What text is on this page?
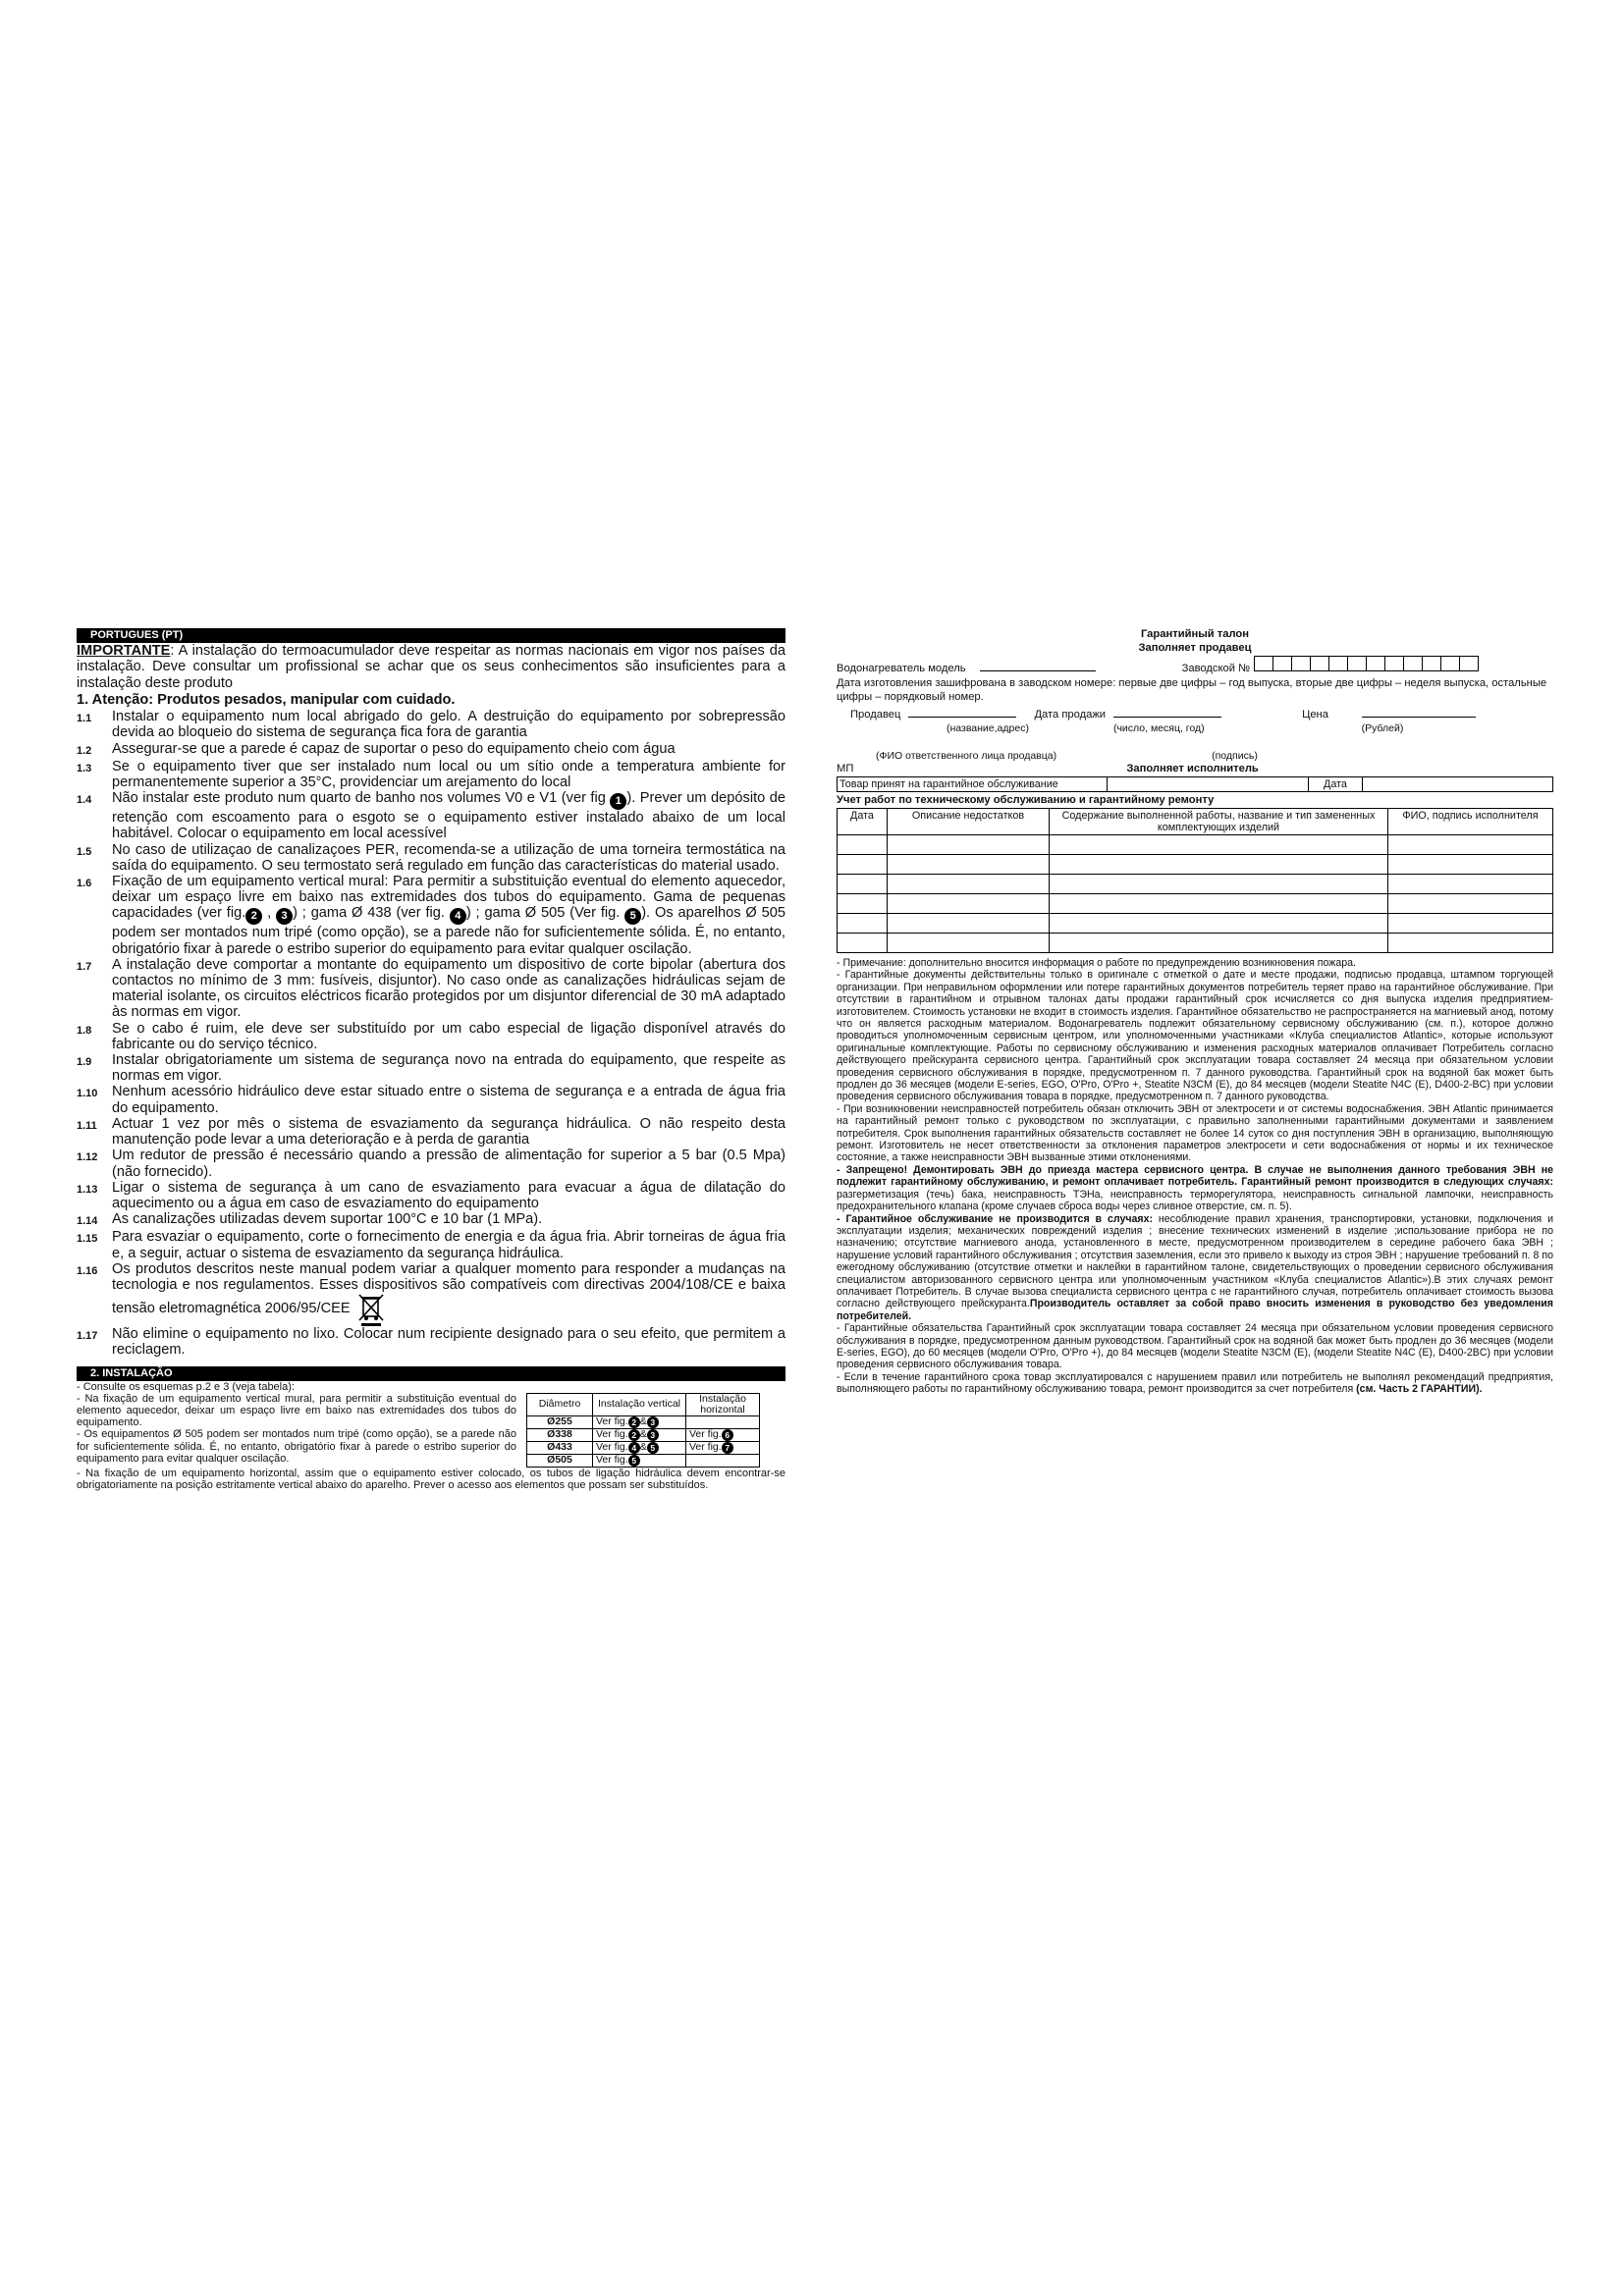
PORTUGUES (PT)

IMPORTANTE: A instalação do termoacumulador deve respeitar as normas nacionais em vigor nos países da instalação. Deve consultar um profissional se achar que os seus conhecimentos são insuficientes para a instalação deste produto

1. Atenção: Produtos pesados, manipular com cuidado.
1.1	Instalar o equipamento num local abrigado do gelo. A destruição do equipamento por sobrepressão devida ao bloqueio do sistema de segurança fica fora de garantia
1.2	Assegurar-se que a parede é capaz de suportar o peso do equipamento cheio com água
1.3	Se o equipamento tiver que ser instalado num local ou um sítio onde a temperatura ambiente for permanentemente superior a 35°C, providenciar um arejamento do local
1.4	Não instalar este produto num quarto de banho nos volumes V0 e V1 (ver fig 1 ). Prever um depósito de retenção com escoamento para o esgoto se o equipamento estiver instalado abaixo de um local habitável. Colocar o equipamento em local acessível
1.5	No caso de utilizaçao de canalizaçoes PER, recomenda-se a utilização de uma torneira termostática na saída do equipamento. O seu termostato será regulado em função das características do material usado.
1.6	Fixação de um equipamento vertical mural: Para permitir a substituição eventual do elemento aquecedor, deixar um espaço livre em baixo nas extremidades dos tubos do equipamento. Gama de pequenas capacidades (ver fig. 2 , 3 ) ; gama Ø 438 (ver fig. 4 ) ; gama Ø 505 (Ver fig. 5 ). Os aparelhos Ø 505 podem ser montados num tripé (como opção), se a parede não for suficientemente sólida. É, no entanto, obrigatório fixar à parede o estribo superior do equipamento para evitar qualquer oscilação.
1.7	A instalação deve comportar a montante do equipamento um dispositivo de corte bipolar (abertura dos contactos no mínimo de 3 mm: fusíveis, disjuntor). No caso onde as canalizações hidráulicas sejam de material isolante, os circuitos eléctricos ficarão protegidos por um disjuntor diferencial de 30 mA adaptado às normas em vigor.
1.8	Se o cabo é ruim, ele deve ser substituído por um cabo especial de ligação disponível através do fabricante ou do serviço técnico.
1.9	Instalar obrigatoriamente um sistema de segurança novo na entrada do equipamento, que respeite as normas em vigor.
1.10 Nenhum acessório hidráulico deve estar situado entre o sistema de segurança e a entrada de água fria do equipamento.
1.11	Actuar 1 vez por mês o sistema de esvaziamento da segurança hidráulica. O não respeito desta manutenção pode levar a uma deterioração e à perda de garantia
1.12 Um redutor de pressão é necessário quando a pressão de alimentação for superior a 5 bar (0.5 Mpa) (não fornecido).
1.13 Ligar o sistema de segurança à um cano de esvaziamento para evacuar a água de dilatação do aquecimento ou a água em caso de esvaziamento do equipamento
1.14 As canalizações utilizadas devem suportar 100°C e 10 bar (1 MPa).
1.15 Para esvaziar o equipamento, corte o fornecimento de energia e da água fria. Abrir torneiras de água fria e, a seguir, actuar o sistema de esvaziamento da segurança hidráulica.
1.16 Os produtos descritos neste manual podem variar a qualquer momento para responder a mudanças na tecnologia e nos regulamentos. Esses dispositivos são compatíveis com directivas 2004/108/CE e baixa tensão eletromagnética 2006/95/CEE
1.17 Não elimine o equipamento no lixo. Colocar num recipiente designado para o seu efeito, que permitem a reciclagem.
2. INSTALAÇÃO
- Consulte os esquemas p.2 e 3 (veja tabela):
- Na fixação de um equipamento vertical mural, para permitir a substituição eventual do elemento aquecedor, deixar um espaço livre em baixo nas extremidades dos tubos do equipamento.
- Os equipamentos Ø 505 podem ser montados num tripé (como opção), se a parede não for suficientemente sólida. É, no entanto, obrigatório fixar à parede o estribo superior do equipamento para evitar qualquer oscilação.
Diâmetro	Instalação vertical	Instalação horizontal
Ø255	Ver fig. 2 & 3	
Ø338	Ver fig. 2 & 3	Ver fig. 6
Ø433	Ver fig. 4 & 5	Ver fig. 7
Ø505	Ver fig. 5	
- Na fixação de um equipamento horizontal, assim que o equipamento estiver colocado, os tubos de ligação hidráulica devem encontrar-se obrigatoriamente na posição estritamente vertical abaixo do aparelho. Prever o acesso aos elementos que possam ser substituídos.
Гарантийный талон
Заполняет продавец
Водонагреватель модель	Заводской №
Дата изготовления зашифрована в заводском номере: первые две цифры – год выпуска, вторые две цифры – неделя выпуска, остальные цифры – порядковый номер.
Продавец	Дата продажи	Цена
(название,адрес)	(число, месяц, год)	(Рублей)
(ФИО ответственного лица продавца)	(подпись)
МП	Заполняет исполнитель
Товар принят на гарантийное обслуживание		Дата	
Учет работ по техническому обслуживанию и гарантийному ремонту
Дата	Описание недостатков	Содержание выполненной работы, название и тип замененных комплектующих изделий	ФИО, подпись исполнителя

- Примечание: дополнительно вносится информация о работе по предупреждению возникновения пожара.

- Гарантийные документы действительны только в оригинале с отметкой о дате и месте продажи, подписью продавца, штампом торгующей организации. При неправильном оформлении или потере гарантийных документов потребитель теряет право на гарантийное обслуживание. При отсутствии в гарантийном и отрывном талонах даты продажи гарантийный срок исчисляется со дня выпуска изделия предприятием-изготовителем. Стоимость установки не входит в стоимость изделия. Гарантийное обязательство не распространяется на магниевый анод, потому что он является расходным материалом. Водонагреватель подлежит обязательному сервисному обслуживанию (см. п.), которое должно проводиться уполномоченным сервисным центром, или уполномоченными участниками «Клуба специалистов Atlantic», которые используют оригинальные комплектующие. Работы по сервисному обслуживанию и изменения расходных материалов оплачивает Потребитель согласно действующего прейскуранта сервисного центра. Гарантийный срок эксплуатации товара составляет 24 месяца при обязательном условии проведения сервисного обслуживания в порядке, предусмотренном п. 7 данного руководства. Гарантийный срок на водяной бак может быть продлен до 36 месяцев (модели E-series, EGO, O'Pro, O'Pro +, Steatite N3CM (E), до 84 месяцев (модели Steatite N4C (E), D400-2-BC) при условии проведения сервисного обслуживания товара в порядке, предусмотренном п. 7 данного руководства.

- При возникновении неисправностей потребитель обязан отключить ЭВН от электросети и от системы водоснабжения. ЭВН Atlantic принимается на гарантийный ремонт только с руководством по эксплуатации, с правильно заполненными гарантийными документами и заявлением потребителя. Срок выполнения гарантийных обязательств составляет не более 14 суток со дня поступления ЭВН в организацию, выполняющую ремонт. Изготовитель не несет ответственности за отклонения параметров электросети и сети водоснабжения от нормы и их техническое состояние, а также неисправности ЭВН вызванные этими отклонениями.

- Запрещено! Демонтировать ЭВН до приезда мастера сервисного центра. В случае не выполнения данного требования ЭВН не подлежит гарантийному обслуживанию, и ремонт оплачивает потребитель. Гарантийный ремонт производится в следующих случаях: разгерметизация (течь) бака, неисправность ТЭНа, неисправность терморегулятора, неисправность сигнальной лампочки, неисправность предохранительного клапана (кроме случаев сброса воды через сливное отверстие, см. п. 5).

- Гарантийное обслуживание не производится в случаях: несоблюдение правил хранения, транспортировки, установки, подключения и эксплуатации изделия; механических повреждений изделия ; внесение технических изменений в изделие ;использование прибора не по назначению; отсутствие магниевого анода, установленного в месте, предусмотренном производителем в середине рабочего бака ЭВН ; нарушение условий гарантийного обслуживания ; отсутствия заземления, если это привело к выходу из строя ЭВН ; нарушение требований п. 8 по ежегодному обслуживанию (отсутствие отметки и наклейки в гарантийном талоне, свидетельствующих о проведении сервисного обслуживания специалистом авторизованного сервисного центра или уполномоченным участником «Клуба специалистов Atlantic»).В этих случаях ремонт оплачивает Потребитель. В случае вызова специалиста сервисного центра с не гарантийного случая, потребитель оплачивает стоимость вызова согласно действующего прейскуранта.Производитель оставляет за собой право вносить изменения в руководство без уведомления потребителей.

- Гарантийные обязательства Гарантийный срок эксплуатации товара составляет 24 месяца при обязательном условии проведения сервисного обслуживания в порядке, предусмотренном данным руководством. Гарантийный срок на водяной бак может быть продлен до 36 месяцев (модели E-series, EGO), до 60 месяцев (модели O'Pro, O'Pro +), до 84 месяцев (модели Steatite N3CM (E), (модели Steatite N4C (E), D400-2BC) при условии проведения сервисного обслуживания товара.

- Если в течение гарантийного срока товар эксплуатировался с нарушением правил или потребитель не выполнял рекомендаций предприятия, выполняющего работы по гарантийному обслуживанию товара, ремонт производится за счет потребителя (см. Часть 2 ГАРАНТИИ).
